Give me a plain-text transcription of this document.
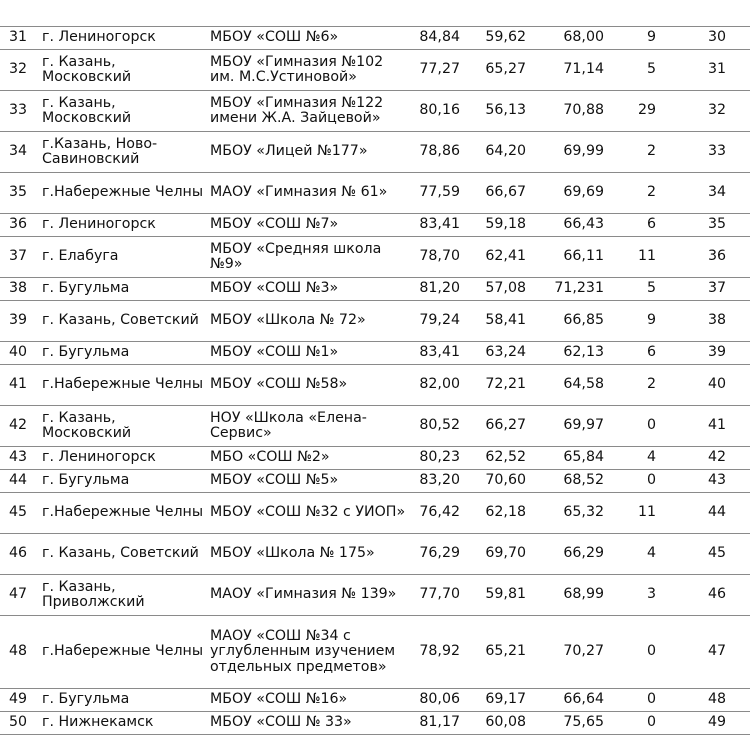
31	г. Лениногорск	МБОУ «СОШ №6»	84,84	59,62	68,00	9	30
32	г. Казань, Московский	МБОУ «Гимназия №102 им. М.С.Устиновой»	77,27	65,27	71,14	5	31
33	г. Казань, Московский	МБОУ «Гимназия №122 имени Ж.А. Зайцевой»	80,16	56,13	70,88	29	32
34	г.Казань, Ново-Савиновский	МБОУ «Лицей №177»	78,86	64,20	69,99	2	33
35	г.Набережные Челны	МАОУ «Гимназия № 61»	77,59	66,67	69,69	2	34
36	г. Лениногорск	МБОУ «СОШ №7»	83,41	59,18	66,43	6	35
37	г. Елабуга	МБОУ «Средняя школа №9»	78,70	62,41	66,11	11	36
38	г. Бугульма	МБОУ «СОШ №3»	81,20	57,08	71,231	5	37
39	г. Казань, Советский	МБОУ «Школа № 72»	79,24	58,41	66,85	9	38
40	г. Бугульма	МБОУ «СОШ №1»	83,41	63,24	62,13	6	39
41	г.Набережные Челны	МБОУ «СОШ №58»	82,00	72,21	64,58	2	40
42	г. Казань, Московский	НОУ «Школа «Елена-Сервис»	80,52	66,27	69,97	0	41
43	г. Лениногорск	МБО «СОШ №2»	80,23	62,52	65,84	4	42
44	г. Бугульма	МБОУ «СОШ №5»	83,20	70,60	68,52	0	43
45	г.Набережные Челны	МБОУ «СОШ №32 с УИОП»	76,42	62,18	65,32	11	44
46	г. Казань, Советский	МБОУ «Школа № 175»	76,29	69,70	66,29	4	45
47	г. Казань, Приволжский	МАОУ «Гимназия № 139»	77,70	59,81	68,99	3	46
48	г.Набережные Челны	МАОУ «СОШ №34 с углубленным изучением отдельных предметов»	78,92	65,21	70,27	0	47
49	г. Бугульма	МБОУ «СОШ №16»	80,06	69,17	66,64	0	48
50	г. Нижнекамск	МБОУ «СОШ № 33»	81,17	60,08	75,65	0	49
